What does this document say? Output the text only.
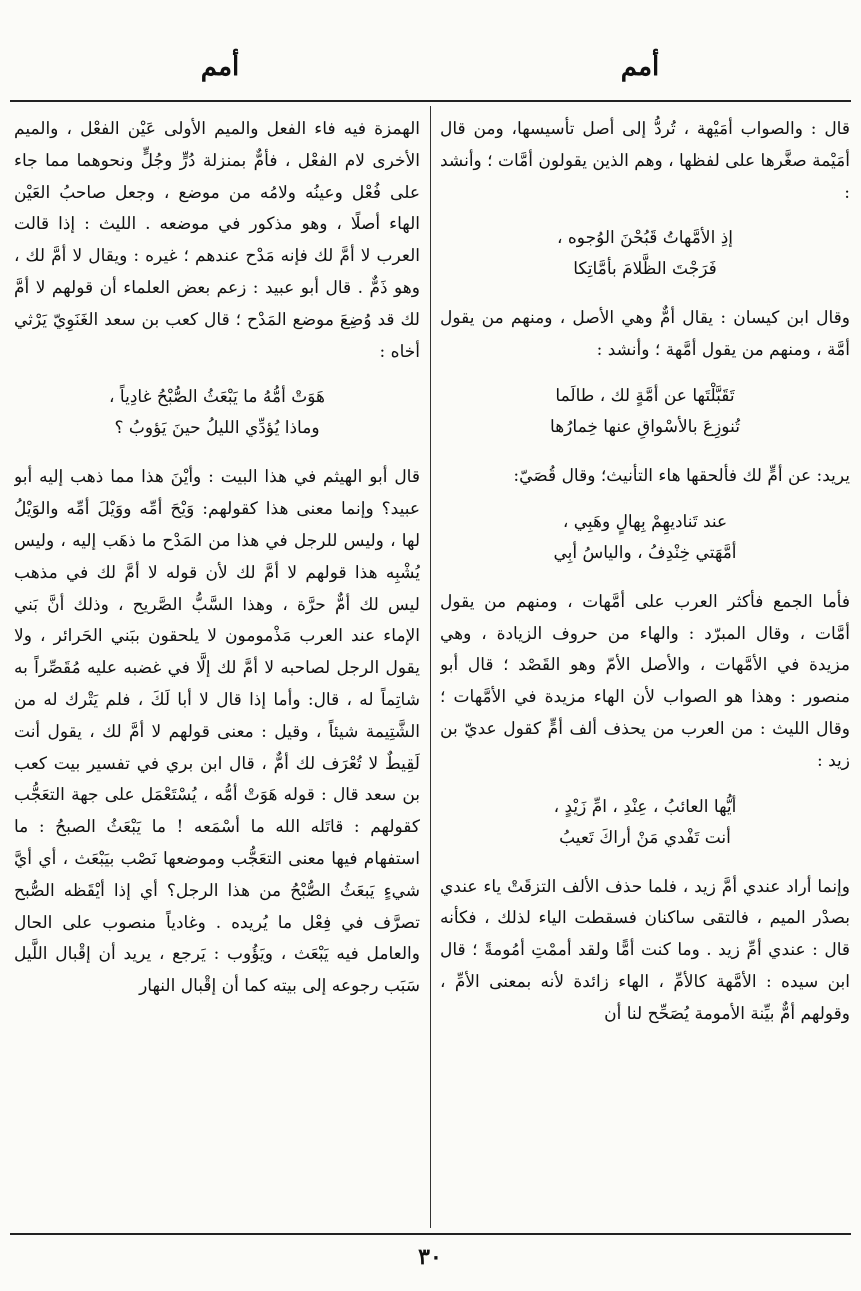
أمم
أمم

قال : والصواب أمَيْهة ، تُردُّ إلى أصل تأسيسها، ومن قال أمَيْمة صغَّرها على لفظها ، وهم الذين يقولون أمَّات ؛ وأنشد :

إذِ الأمَّهاتُ قَبُحْنَ الوُجوه ،
فَرَجْتَ الظَّلامَ بأمَّاتِكا

وقال ابن كيسان : يقال أمٌّ وهي الأصل ، ومنهم من يقول أمَّة ، ومنهم من يقول أمَّهة ؛ وأنشد :

تَقَبَّلْتَها عن أمَّةٍ لك ، طالَما
تُنوزِعَ بالأسْواقِ عنها خِمارُها

يريد: عن أمٍّ لك فألحقها هاء التأنيث؛ وقال قُصَيّ:

عند تَناديهِمْ بِهالٍ وهَبِي ،
أمَّهَتي خِنْدِفُ ، والياسُ أبِي

فأما الجمع فأكثر العرب على أمَّهات ، ومنهم من يقول أمَّات ، وقال المبرّد : والهاء من حروف الزيادة ، وهي مزيدة في الأمَّهات ، والأصل الأمّ وهو القَصْد ؛ قال أبو منصور : وهذا هو الصواب لأن الهاء مزيدة في الأمَّهات ؛ وقال الليث : من العرب من يحذف ألف أمٍّ كقول عديّ بن زيد :

أيُّها العائبُ ، عِنْدِ ، امِّ زَيْدٍ ،
أنت تَفْدي مَنْ أراكَ تَعيبُ

وإنما أراد عندي أمَّ زيد ، فلما حذف الألف التزقَتْ ياء عندي بصدْر الميم ، فالتقى ساكنان فسقطت الياء لذلك ، فكأنه قال : عندي أمِّ زيد . وما كنت أمًّا ولقد أممْتِ أمُومةً ؛ قال ابن سيده : الأمَّهة كالأمِّ ، الهاء زائدة لأنه بمعنى الأمِّ ، وقولهم أمٌّ بيِّنة الأمومة يُصَحِّح لنا أن

الهمزة فيه فاء الفعل والميم الأولى عَيْن الفعْل ، والميم الأخرى لام الفعْل ، فأمٌّ بمنزلة دُرٍّ وجُلٍّ ونحوهما مما جاء على فُعْل وعينُه ولامُه من موضع ، وجعل صاحبُ العَيْن الهاء أصلًا ، وهو مذكور في موضعه . الليث : إذا قالت العرب لا أمَّ لك فإنه مَدْح عندهم ؛ غيره : ويقال لا أمَّ لك ، وهو ذَمٌّ . قال أبو عبيد : زعم بعض العلماء أن قولهم لا أمَّ لك قد وُضِعَ موضع المَدْح ؛ قال كعب بن سعد الغَنَوِيّ يَرْثي أخاه :

هَوَتْ أمُّهُ ما يَبْعَثُ الصُّبْحُ غادِياً ،
وماذا يُؤدِّي الليلُ حينَ يَؤوبُ ؟

قال أبو الهيثم في هذا البيت : وأيْنَ هذا مما ذهب إليه أبو عبيد؟ وإنما معنى هذا كقولهم: وَيْحَ أمِّه ووَيْلَ أمِّه والوَيْلُ لها ، وليس للرجل في هذا من المَدْح ما ذهَب إليه ، وليس يُشْبِه هذا قولهم لا أمَّ لك لأن قوله لا أمَّ لك في مذهب ليس لك أمٌّ حرَّة ، وهذا السَّبُّ الصَّريح ، وذلك أنَّ بَني الإماء عند العرب مَذْمومون لا يلحقون ببَني الحَرائر ، ولا يقول الرجل لصاحبه لا أمَّ لك إلَّا في غضبه عليه مُقَصِّراً به شاتِماً له ، قال: وأما إذا قال لا أبا لَكَ ، فلم يَتْرك له من الشَّتِيمة شيئاً ، وقيل : معنى قولهم لا أمَّ لك ، يقول أنت لَقِيطٌ لا تُعْرَف لك أمٌّ ، قال ابن بري في تفسير بيت كعب بن سعد قال : قوله هَوَتْ أمُّه ، يُسْتَعْمَل على جهة التعَجُّب كقولهم : قاتَله الله ما أسْمَعه ! ما يَبْعَثُ الصبحُ : ما استفهام فيها معنى التعَجُّب وموضعها نَصْب بيَبْعَث ، أي أيَّ شيءٍ يَبعَثُ الصُّبْحُ من هذا الرجل؟ أي إذا أيْقَظه الصُّبح تصرَّف في فِعْل ما يُريده . وغادياً منصوب على الحال والعامل فيه يَبْعَث ، ويَؤُوب : يَرجع ، يريد أن إقْبال اللَّيل سَبَب رجوعه إلى بيته كما أن إقْبال النهار

٣٠
